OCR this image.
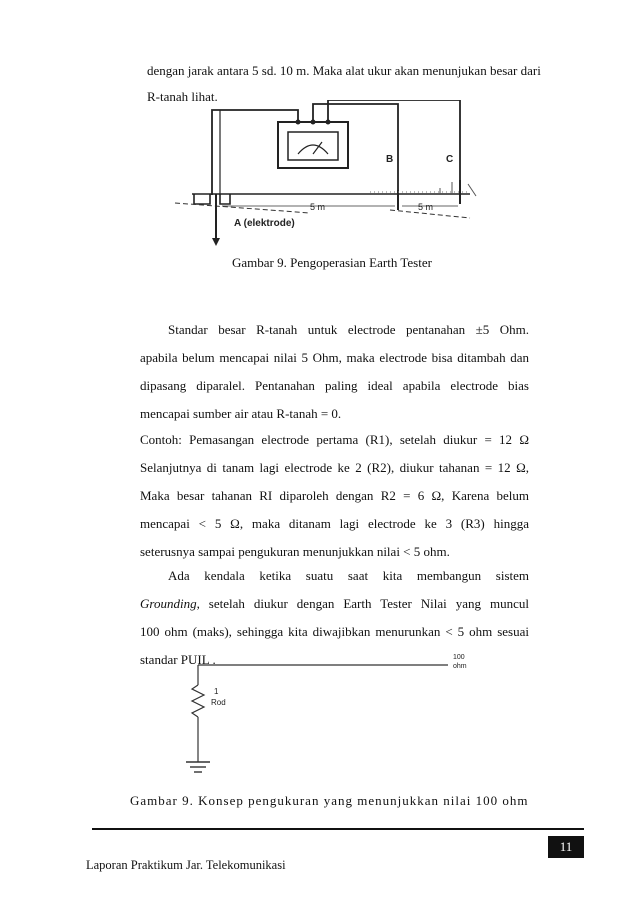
dengan jarak antara 5 sd. 10 m. Maka alat ukur akan menunjukan besar dari
R-tanah lihat.
B	C
5 m	5 m
A (elektrode)
Gambar 9. Pengoperasian Earth Tester
Standar besar R-tanah untuk electrode pentanahan ±5 Ohm.
apabila belum mencapai nilai 5 Ohm, maka electrode bisa ditambah dan
dipasang diparalel. Pentanahan paling ideal apabila electrode bias
mencapai sumber air atau R-tanah = 0.
Contoh: Pemasangan electrode pertama (R1), setelah diukur = 12 Ω
Selanjutnya di tanam lagi electrode ke 2 (R2), diukur tahanan = 12 Ω,
Maka besar tahanan RI diparoleh dengan R2 = 6 Ω, Karena belum
mencapai < 5 Ω, maka ditanam lagi electrode ke 3 (R3) hingga
seterusnya sampai pengukuran menunjukkan nilai < 5 ohm.
Ada kendala ketika suatu saat kita membangun sistem
Grounding, setelah diukur dengan Earth Tester Nilai yang muncul
100 ohm (maks), sehingga kita diwajibkan menurunkan < 5 ohm sesuai
standar PUIL .	100
ohm
1
Rod
Gambar 9. Konsep pengukuran yang menunjukkan nilai 100 ohm
11
Laporan Praktikum Jar. Telekomunikasi
